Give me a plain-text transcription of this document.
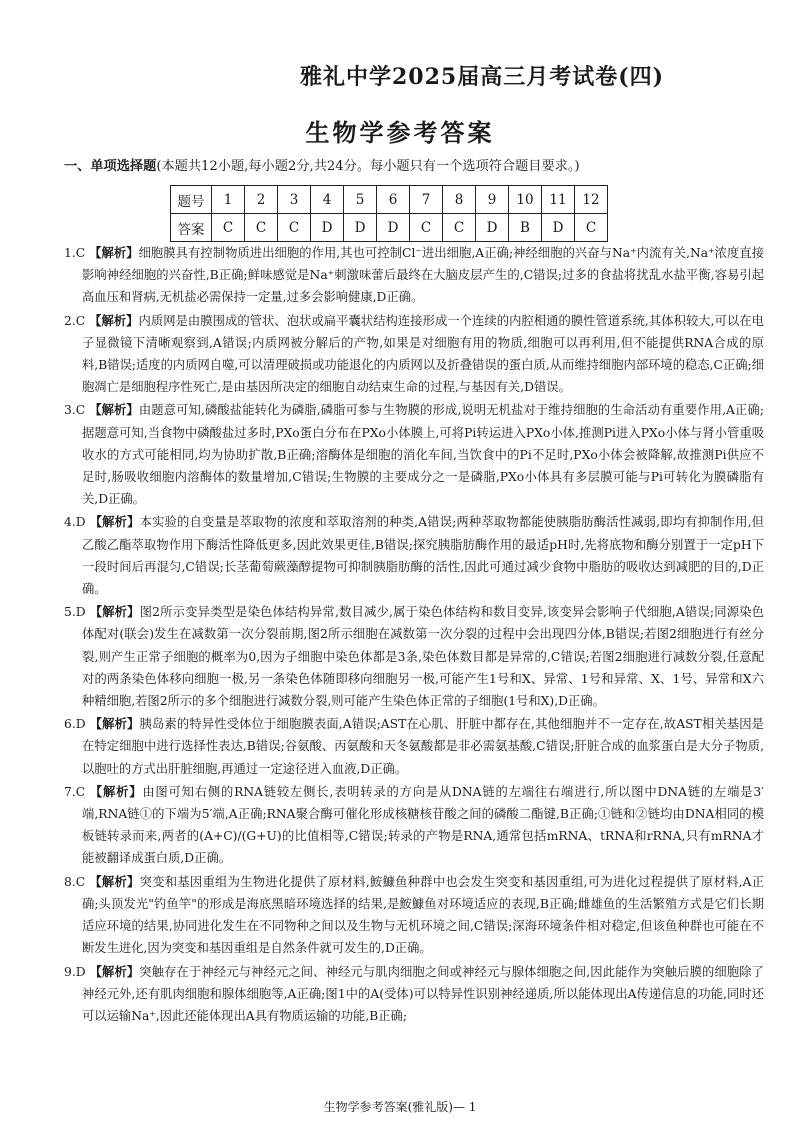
雅礼中学2025届高三月考试卷(四)
生物学参考答案
一、单项选择题(本题共12小题,每小题2分,共24分。每小题只有一个选项符合题目要求。)
题号	1	2	3	4	5	6	7	8	9	10	11	12
答案	C	C	C	D	D	D	C	C	D	B	D	C

1.C 【解析】细胞膜具有控制物质进出细胞的作用,其也可控制Cl⁻进出细胞,A正确;神经细胞的兴奋与Na⁺内流有关,Na⁺浓度直接影响神经细胞的兴奋性,B正确;鲜味感觉是Na⁺刺激味蕾后最终在大脑皮层产生的,C错误;过多的食盐将扰乱水盐平衡,容易引起高血压和肾病,无机盐必需保持一定量,过多会影响健康,D正确。

2.C 【解析】内质网是由膜围成的管状、泡状或扁平囊状结构连接形成一个连续的内腔相通的膜性管道系统,其体积较大,可以在电子显微镜下清晰观察到,A错误;内质网被分解后的产物,如果是对细胞有用的物质,细胞可以再利用,但不能提供RNA合成的原料,B错误;适度的内质网自噬,可以清理破损或功能退化的内质网以及折叠错误的蛋白质,从而维持细胞内部环境的稳态,C正确;细胞凋亡是细胞程序性死亡,是由基因所决定的细胞自动结束生命的过程,与基因有关,D错误。

3.C 【解析】由题意可知,磷酸盐能转化为磷脂,磷脂可参与生物膜的形成,说明无机盐对于维持细胞的生命活动有重要作用,A正确;据题意可知,当食物中磷酸盐过多时,PXo蛋白分布在PXo小体膜上,可将Pi转运进入PXo小体,推测Pi进入PXo小体与肾小管重吸收水的方式可能相同,均为协助扩散,B正确;溶酶体是细胞的消化车间,当饮食中的Pi不足时,PXo小体会被降解,故推测Pi供应不足时,肠吸收细胞内溶酶体的数量增加,C错误;生物膜的主要成分之一是磷脂,PXo小体具有多层膜可能与Pi可转化为膜磷脂有关,D正确。

4.D 【解析】本实验的自变量是萃取物的浓度和萃取溶剂的种类,A错误;两种萃取物都能使胰脂肪酶活性减弱,即均有抑制作用,但乙酸乙酯萃取物作用下酶活性降低更多,因此效果更佳,B错误;探究胰脂肪酶作用的最适pH时,先将底物和酶分别置于一定pH下一段时间后再混匀,C错误;长茎葡萄蕨藻醇提物可抑制胰脂肪酶的活性,因此可通过减少食物中脂肪的吸收达到减肥的目的,D正确。

5.D 【解析】图2所示变异类型是染色体结构异常,数目减少,属于染色体结构和数目变异,该变异会影响子代细胞,A错误;同源染色体配对(联会)发生在减数第一次分裂前期,图2所示细胞在减数第一次分裂的过程中会出现四分体,B错误;若图2细胞进行有丝分裂,则产生正常子细胞的概率为0,因为子细胞中染色体都是3条,染色体数目都是异常的,C错误;若图2细胞进行减数分裂,任意配对的两条染色体移向细胞一极,另一条染色体随即移向细胞另一极,可能产生1号和X、异常、1号和异常、X、1号、异常和X六种精细胞,若图2所示的多个细胞进行减数分裂,则可能产生染色体正常的子细胞(1号和X),D正确。

6.D 【解析】胰岛素的特异性受体位于细胞膜表面,A错误;AST在心肌、肝脏中都存在,其他细胞并不一定存在,故AST相关基因是在特定细胞中进行选择性表达,B错误;谷氨酸、丙氨酸和天冬氨酸都是非必需氨基酸,C错误;肝脏合成的血浆蛋白是大分子物质,以胞吐的方式出肝脏细胞,再通过一定途径进入血液,D正确。

7.C 【解析】由图可知右侧的RNA链较左侧长,表明转录的方向是从DNA链的左端往右端进行,所以图中DNA链的左端是3′端,RNA链①的下端为5′端,A正确;RNA聚合酶可催化形成核糖核苷酸之间的磷酸二酯键,B正确;①链和②链均由DNA相同的模板链转录而来,两者的(A+C)/(G+U)的比值相等,C错误;转录的产物是RNA,通常包括mRNA、tRNA和rRNA,只有mRNA才能被翻译成蛋白质,D正确。

8.C 【解析】突变和基因重组为生物进化提供了原材料,鮟鱇鱼种群中也会发生突变和基因重组,可为进化过程提供了原材料,A正确;头顶发光"钓鱼竿"的形成是海底黑暗环境选择的结果,是鮟鱇鱼对环境适应的表现,B正确;雌雄鱼的生活繁殖方式是它们长期适应环境的结果,协同进化发生在不同物种之间以及生物与无机环境之间,C错误;深海环境条件相对稳定,但该鱼种群也可能在不断发生进化,因为突变和基因重组是自然条件就可发生的,D正确。

9.D 【解析】突触存在于神经元与神经元之间、神经元与肌肉细胞之间或神经元与腺体细胞之间,因此能作为突触后膜的细胞除了神经元外,还有肌肉细胞和腺体细胞等,A正确;图1中的A(受体)可以特异性识别神经递质,所以能体现出A传递信息的功能,同时还可以运输Na⁺,因此还能体现出A具有物质运输的功能,B正确;

生物学参考答案(雅礼版)— 1
